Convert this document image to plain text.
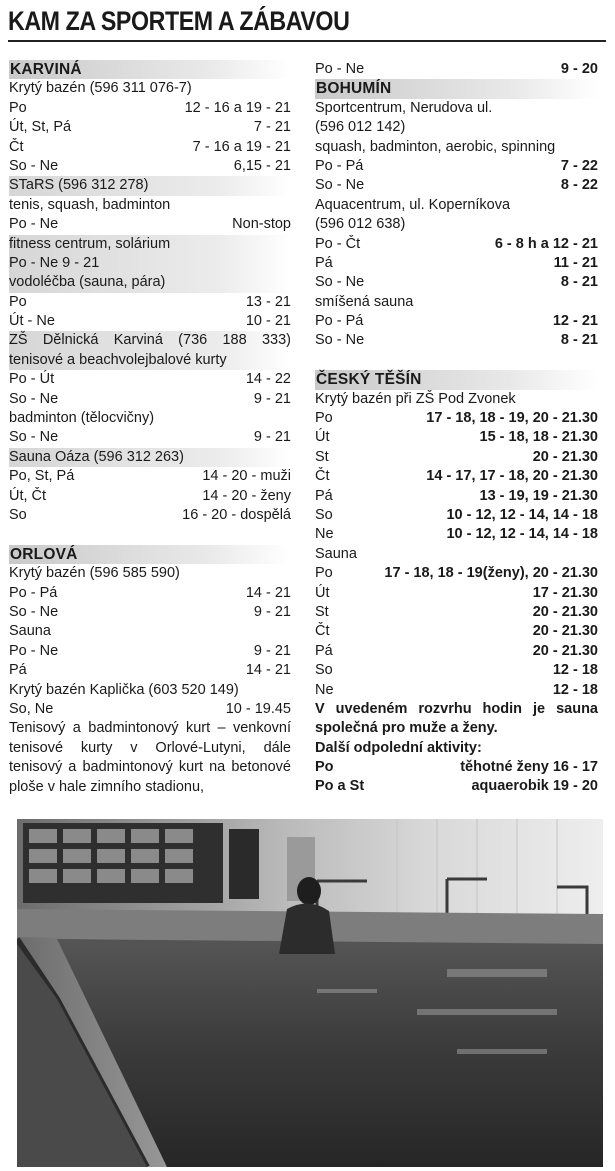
KAM ZA SPORTEM A ZÁBAVOU
KARVINÁ
Krytý bazén (596 311 076-7)
Po	12 - 16 a 19 - 21
Út, St, Pá	7 - 21
Čt	7 - 16 a 19 - 21
So - Ne	6,15 - 21
STaRS (596 312 278)
tenis, squash, badminton
Po - Ne	Non-stop
fitness centrum, solárium
Po - Ne 9 - 21
vodoléčba (sauna, pára)
Po	13 - 21
Út - Ne	10 - 21
ZŠ Dělnická Karviná (736 188 333) tenisové a beachvolejbalové kurty
Po - Út	14 - 22
So - Ne	9 - 21
badminton (tělocvičny)
So - Ne	9 - 21
Sauna Oáza (596 312 263)
Po, St, Pá	14 - 20 - muži
Út, Čt	14 - 20 - ženy
So	16 - 20 - dospělá
ORLOVÁ
Krytý bazén (596 585 590)
Po - Pá	14 - 21
So - Ne	9 - 21
Sauna
Po - Ne	9 - 21
Pá	14 - 21
Krytý bazén Kaplička (603 520 149)
So, Ne	10 - 19.45
Tenisový a badmintonový kurt – venkovní tenisové kurty v Orlové-Lutyni, dále tenisový a badmintonový kurt na betonové ploše v hale zimního stadionu,
Po - Ne	9 - 20
BOHUMÍN
Sportcentrum, Nerudova ul.
(596 012 142)
squash, badminton, aerobic, spinning
Po - Pá	7 - 22
So - Ne	8 - 22
Aquacentrum, ul. Koperníkova
(596 012 638)
Po - Čt	6 - 8 h a 12 - 21
Pá	11 - 21
So - Ne	8 - 21
smíšená sauna
Po - Pá	12 - 21
So - Ne	8 - 21
ČESKÝ TĚŠÍN
Krytý bazén při ZŠ Pod Zvonek
Po	17 - 18, 18 - 19, 20 - 21.30
Út	15 - 18, 18 - 21.30
St	20 - 21.30
Čt	14 - 17, 17 - 18, 20 - 21.30
Pá	13 - 19, 19 - 21.30
So	10 - 12, 12 - 14, 14 - 18
Ne	10 - 12, 12 - 14, 14 - 18
Sauna
Po	17 - 18, 18 - 19(ženy), 20 - 21.30
Út	17 - 21.30
St	20 - 21.30
Čt	20 - 21.30
Pá	20 - 21.30
So	12 - 18
Ne	12 - 18
V uvedeném rozvrhu hodin je sauna společná pro muže a ženy.
Další odpolední aktivity:
Po	těhotné ženy 16 - 17
Po a St	aquaerobik 19 - 20
